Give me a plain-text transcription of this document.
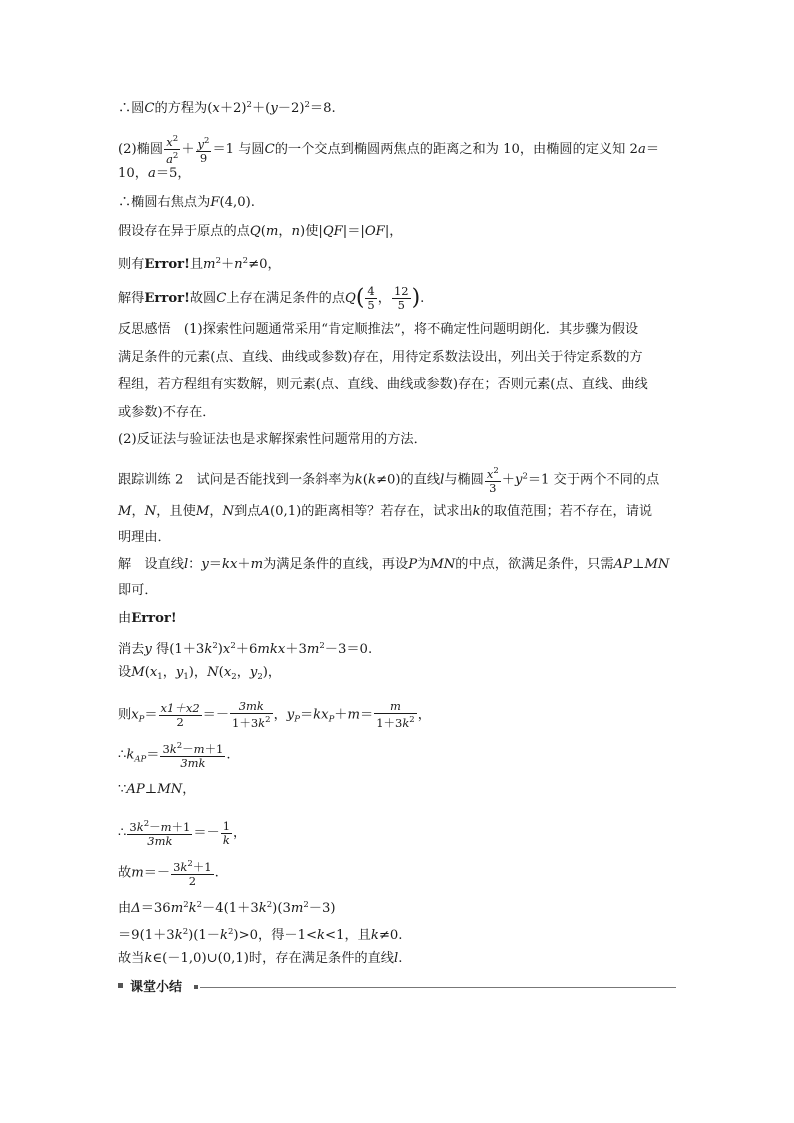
∴圆C的方程为$(x+2)^2+(y-2)^2=8$.
(2)椭圆 $\frac{x^2}{a^2} + \frac{y^2}{9} =1$ 与圆C的一个交点到椭圆两焦点的距离之和为 10，由椭圆的定义知 2a＝
10，a＝5，
∴椭圆右焦点为F(4,0).
假设存在异于原点的点Q(m，n)使|QF|＝|OF|，
则有Error!且$m^2+n^2\ne 0$，
解得Error!故圆C上存在满足条件的点$Q( \frac{4}{5}$ ， $\frac{12}{5}$ ).
反思感悟　(1)探索性问题通常采用“肯定顺推法”，将不确定性问题明朗化．其步骤为假设
满足条件的元素(点、直线、曲线或参数)存在，用待定系数法设出，列出关于待定系数的方
程组，若方程组有实数解，则元素(点、直线、曲线或参数)存在；否则元素(点、直线、曲线
或参数)不存在．
(2)反证法与验证法也是求解探索性问题常用的方法．
跟踪训练 2　试问是否能找到一条斜率为k(k≠0)的直线l与椭圆 $\frac{x^2}{3} +y^2=1$ 交于两个不同的点
M，N，且使M，N到点A(0,1)的距离相等？若存在，试求出k的取值范围；若不存在，请说
明理由．
解　设直线l：y＝kx＋m为满足条件的直线，再设P为MN的中点，欲满足条件，只需AP⊥MN
即可．
由Error!
消去y 得$(1+3k^2)x^2+6mkx+3m^2-3=0$.
设$M(x_1$，$y_1$)，$N(x_2$，$y_2$)，
则$x_P= \frac{x1+x2}{2} =- \frac{3mk}{1+3k^2}$ ，$y_P=kx_P+m= \frac{m}{1+3k^2}$ ，
$\therefore k_{AP}= \frac{3k^2-m+1}{3mk}$ .
∵AP⊥MN，
∴ $\frac{3k^2-m+1}{3mk} =- \frac{1}{k}$ ，
故$m=- \frac{3k^2+1}{2}$ .
由$\Delta=36m^2k^2-4(1+3k^2)(3m^2-3)$
$=9(1+3k^2)(1-k^2)>0$，得－1<k<1，且k≠0.
故当k∈(－1,0)∪(0,1)时，存在满足条件的直线l.
课堂小结
